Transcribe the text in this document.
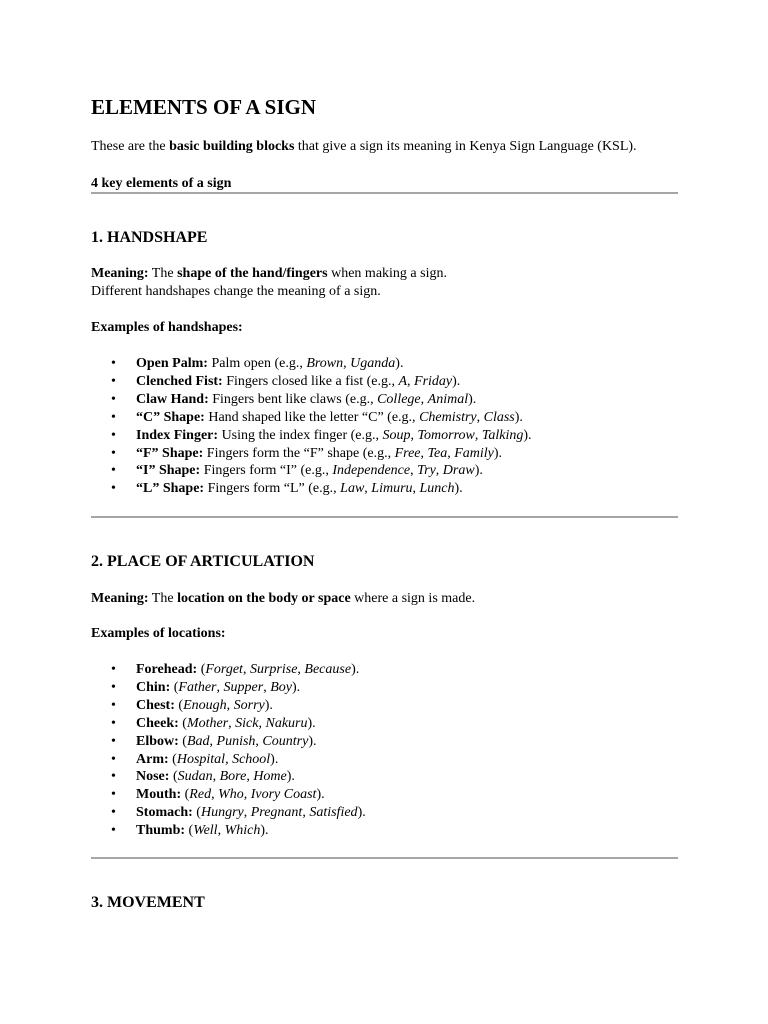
ELEMENTS OF A SIGN

These are the basic building blocks that give a sign its meaning in Kenya Sign Language (KSL).

4 key elements of a sign

1. HANDSHAPE

Meaning: The shape of the hand/fingers when making a sign.

Different handshapes change the meaning of a sign.

Examples of handshapes:

• Open Palm: Palm open (e.g., Brown, Uganda).
• Clenched Fist: Fingers closed like a fist (e.g., A, Friday).
• Claw Hand: Fingers bent like claws (e.g., College, Animal).
• “C” Shape: Hand shaped like the letter “C” (e.g., Chemistry, Class).
• Index Finger: Using the index finger (e.g., Soup, Tomorrow, Talking).
• “F” Shape: Fingers form the “F” shape (e.g., Free, Tea, Family).
• “I” Shape: Fingers form “I” (e.g., Independence, Try, Draw).
• “L” Shape: Fingers form “L” (e.g., Law, Limuru, Lunch).
2. PLACE OF ARTICULATION

Meaning: The location on the body or space where a sign is made.

Examples of locations:

• Forehead: (Forget, Surprise, Because).
• Chin: (Father, Supper, Boy).
• Chest: (Enough, Sorry).
• Cheek: (Mother, Sick, Nakuru).
• Elbow: (Bad, Punish, Country).
• Arm: (Hospital, School).
• Nose: (Sudan, Bore, Home).
• Mouth: (Red, Who, Ivory Coast).
• Stomach: (Hungry, Pregnant, Satisfied).
• Thumb: (Well, Which).
3. MOVEMENT
